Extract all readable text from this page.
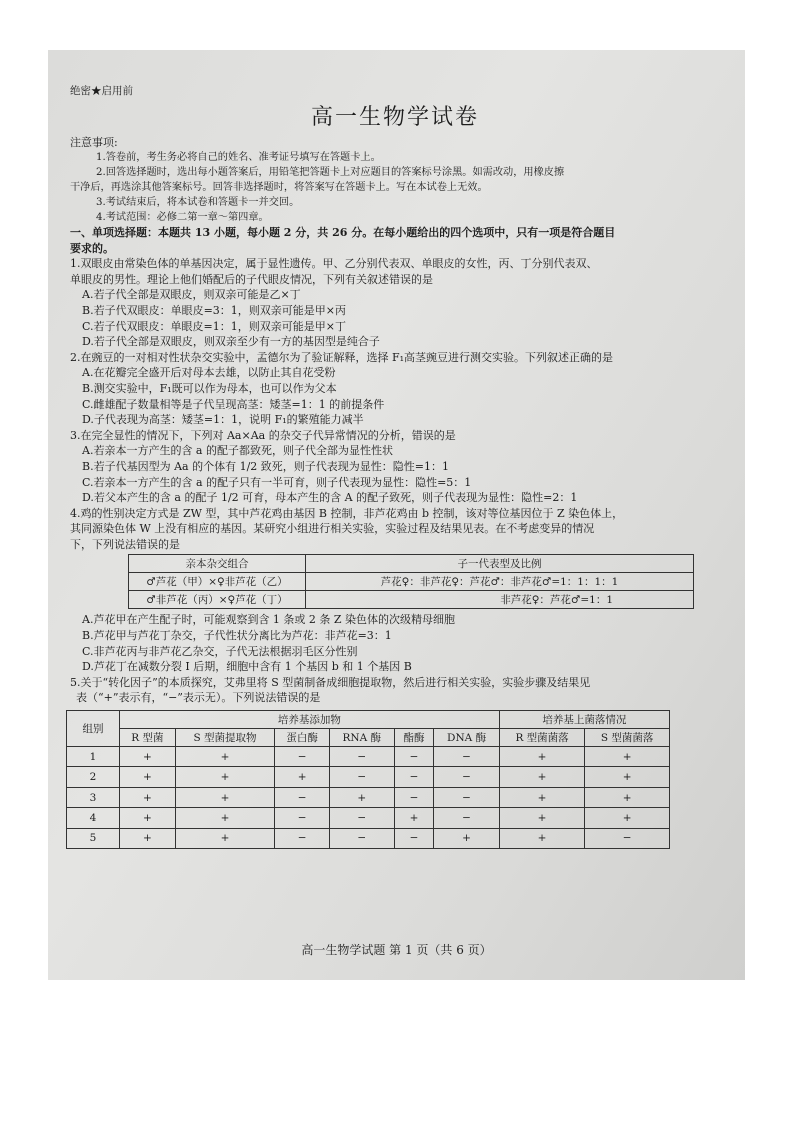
绝密★启用前
高一生物学试卷
注意事项:

1.答卷前，考生务必将自己的姓名、准考证号填写在答题卡上。

2.回答选择题时，选出每小题答案后，用铅笔把答题卡上对应题目的答案标号涂黑。如需改动，用橡皮擦

干净后，再选涂其他答案标号。回答非选择题时，将答案写在答题卡上。写在本试卷上无效。

3.考试结束后，将本试卷和答题卡一并交回。

4.考试范围：必修二第一章～第四章。

一、单项选择题：本题共 13 小题，每小题 2 分，共 26 分。在每小题给出的四个选项中，只有一项是符合题目

要求的。

1.双眼皮由常染色体的单基因决定，属于显性遗传。甲、乙分别代表双、单眼皮的女性，丙、丁分别代表双、

单眼皮的男性。理论上他们婚配后的子代眼皮情况，下列有关叙述错误的是

A.若子代全部是双眼皮，则双亲可能是乙×丁

B.若子代双眼皮：单眼皮=3：1，则双亲可能是甲×丙

C.若子代双眼皮：单眼皮=1：1，则双亲可能是甲×丁

D.若子代全部是双眼皮，则双亲至少有一方的基因型是纯合子

2.在豌豆的一对相对性状杂交实验中，孟德尔为了验证解释，选择 F₁高茎豌豆进行测交实验。下列叙述正确的是

A.在花瓣完全盛开后对母本去雄，以防止其自花受粉

B.测交实验中，F₁既可以作为母本，也可以作为父本

C.雌雄配子数量相等是子代呈现高茎：矮茎=1：1 的前提条件

D.子代表现为高茎：矮茎=1：1，说明 F₁的繁殖能力减半

3.在完全显性的情况下，下列对 Aa×Aa 的杂交子代异常情况的分析，错误的是

A.若亲本一方产生的含 a 的配子都致死，则子代全部为显性性状

B.若子代基因型为 Aa 的个体有 1/2 致死，则子代表现为显性：隐性=1：1

C.若亲本一方产生的含 a 的配子只有一半可育，则子代表现为显性：隐性=5：1

D.若父本产生的含 a 的配子 1/2 可育，母本产生的含 A 的配子致死，则子代表现为显性：隐性=2：1

4.鸡的性别决定方式是 ZW 型，其中芦花鸡由基因 B 控制，非芦花鸡由 b 控制，该对等位基因位于 Z 染色体上，

其同源染色体 W 上没有相应的基因。某研究小组进行相关实验，实验过程及结果见表。在不考虑变异的情况

下，下列说法错误的是

亲本杂交组合	子一代表型及比例
♂芦花（甲）×♀非芦花（乙）	芦花♀：非芦花♀：芦花♂：非芦花♂=1：1：1：1
♂非芦花（丙）×♀芦花（丁）	非芦花♀：芦花♂=1：1

A.芦花甲在产生配子时，可能观察到含 1 条或 2 条 Z 染色体的次级精母细胞

B.芦花甲与芦花丁杂交，子代性状分离比为芦花：非芦花=3：1

C.非芦花丙与非芦花乙杂交，子代无法根据羽毛区分性别

D.芦花丁在减数分裂 I 后期，细胞中含有 1 个基因 b 和 1 个基因 B

5.关于“转化因子”的本质探究，艾弗里将 S 型菌制备成细胞提取物，然后进行相关实验，实验步骤及结果见

表（“+”表示有，“−”表示无）。下列说法错误的是

组别	培养基添加物						培养基上菌落情况	
	R 型菌	S 型菌提取物	蛋白酶	RNA 酶	酯酶	DNA 酶	R 型菌菌落	S 型菌菌落
1	+	+	−	−	−	−	+	+
2	+	+	+	−	−	−	+	+
3	+	+	−	+	−	−	+	+
4	+	+	−	−	+	−	+	+
5	+	+	−	−	−	+	+	−
高一生物学试题 第 1 页（共 6 页）
